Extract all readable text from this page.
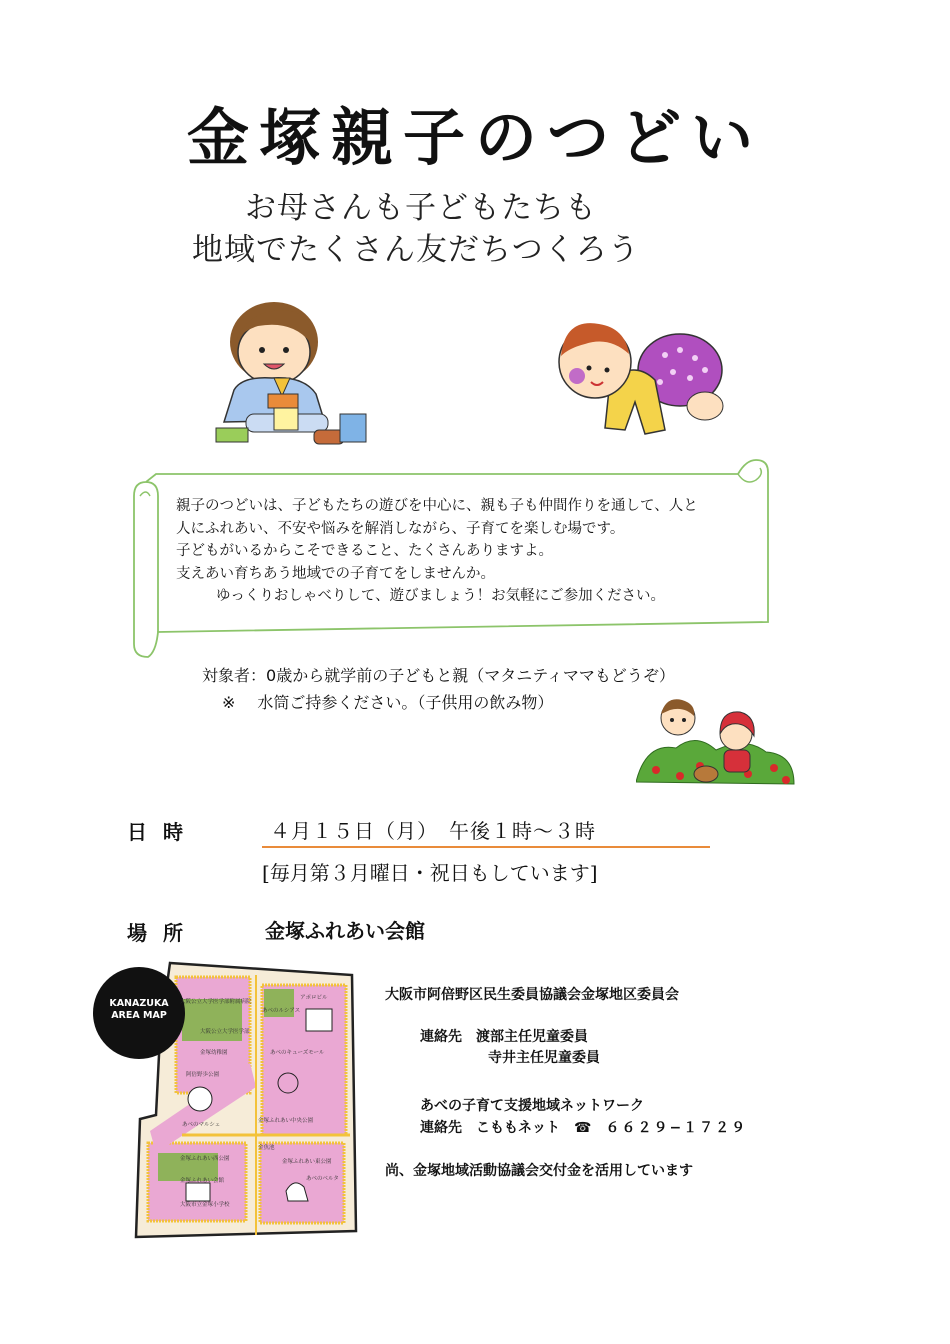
金塚親子のつどい
お母さんも子どもたちも
地域でたくさん友だちつくろう
親子のつどいは、子どもたちの遊びを中心に、親も子も仲間作りを通して、人と
人にふれあい、不安や悩みを解消しながら、子育てを楽しむ場です。
子どもがいるからこそできること、たくさんありますよ。
支えあい育ちあう地域での子育てをしませんか。
ゆっくりおしゃべりして、遊びましょう！お気軽にご参加ください。
対象者：0歳から就学前の子どもと親（マタニティママもどうぞ）
※ 水筒ご持参ください。（子供用の飲み物）
日時	４月１５日（月）　午後１時～３時
[毎月第３月曜日・祝日もしています]
場所	金塚ふれあい会館
KANAZUKA
AREA MAP
大阪公立大学医学部附属病院
大阪公立大学医学部
金塚幼稚園
阿倍野歩公園
あべのマルシェ
アポロビル
あべのルシアス
あべのキューズモール
金塚ふれあい中央公園
金塚ふれあい西公園
金塚ふれあい会館
大阪市立金塚小学校
金魚池
金塚ふれあい東公園
あべのベルタ
大阪市阿倍野区民生委員協議会金塚地区委員会
連絡先　 渡部主任児童委員
寺井主任児童委員
あべの子育て支援地域ネットワーク
連絡先　 こももネット　 ☎　 ６６２９−１７２９
尚、金塚地域活動協議会交付金を活用しています
